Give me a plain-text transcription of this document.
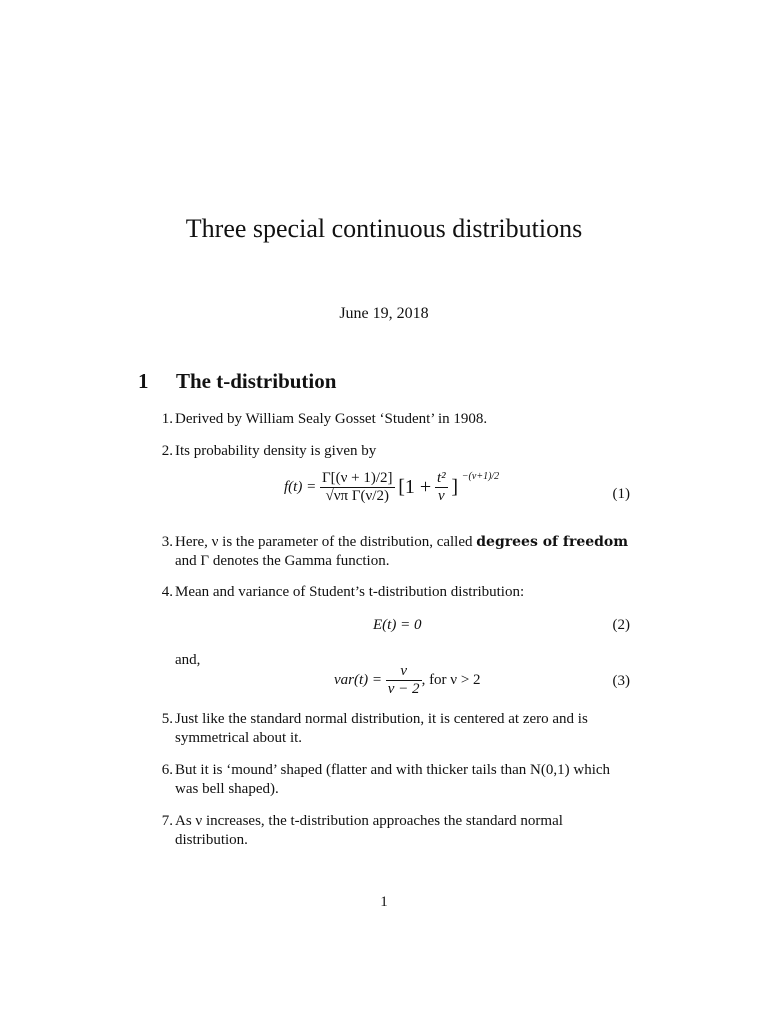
Three special continuous distributions
June 19, 2018
1 The t-distribution
1. Derived by William Sealy Gosset ‘Student’ in 1908.
2. Its probability density is given by
$f(t) = \frac{\Gamma[(\nu + 1)/2]}{\text{√νπ Γ(ν/2)}} [1 + \frac{\text{t²}}{\nu}$ ] $^{-(\nu+1)/2}$
(1)
3. Here, ν is the parameter of the distribution, called degrees of freedom and Γ denotes the Gamma function.
4. Mean and variance of Student’s t-distribution distribution:
E(t) = 0	(2)
and,
$var(t) = \frac{\nu}{\nu - 2}$ , for ν > 2	(3)
5. Just like the standard normal distribution, it is centered at zero and is symmetrical about it.
6. But it is ‘mound’ shaped (flatter and with thicker tails than N(0,1) which was bell shaped).
7. As ν increases, the t-distribution approaches the standard normal distribution.
1
